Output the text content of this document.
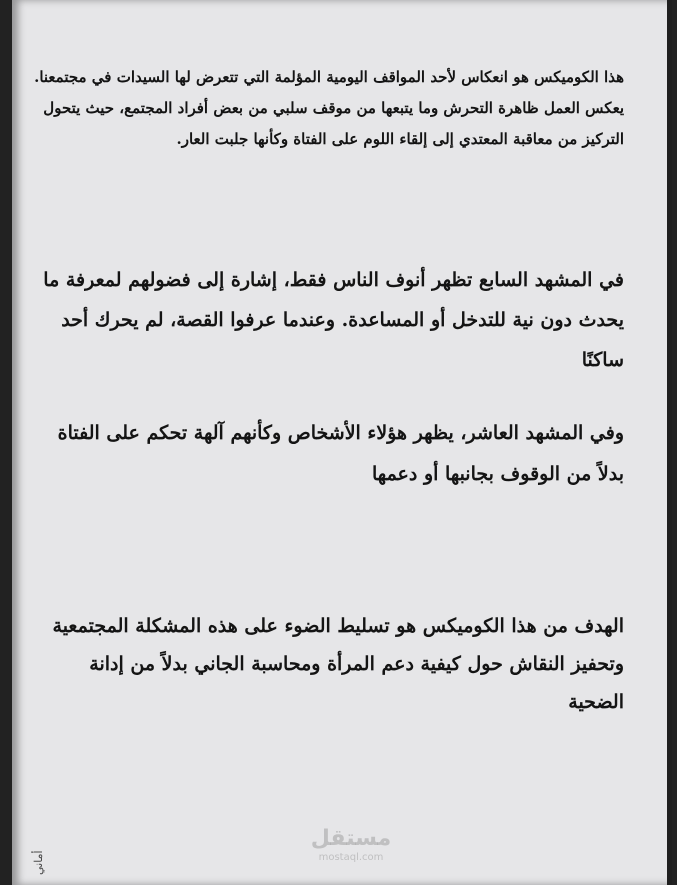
هذا الكوميكس هو انعكاس لأحد المواقف اليومية المؤلمة التي تتعرض لها السيدات في مجتمعنا. يعكس العمل ظاهرة التحرش وما يتبعها من موقف سلبي من بعض أفراد المجتمع، حيث يتحول التركيز من معاقبة المعتدي إلى إلقاء اللوم على الفتاة وكأنها جلبت العار.

في المشهد السابع تظهر أنوف الناس فقط، إشارة إلى فضولهم لمعرفة ما يحدث دون نية للتدخل أو المساعدة. وعندما عرفوا القصة، لم يحرك أحد ساكنًا

وفي المشهد العاشر، يظهر هؤلاء الأشخاص وكأنهم آلهة تحكم على الفتاة بدلاً من الوقوف بجانبها أو دعمها

الهدف من هذا الكوميكس هو تسليط الضوء على هذه المشكلة المجتمعية وتحفيز النقاش حول كيفية دعم المرأة ومحاسبة الجاني بدلاً من إدانة الضحية

أماني
مستقل
mostaql.com
